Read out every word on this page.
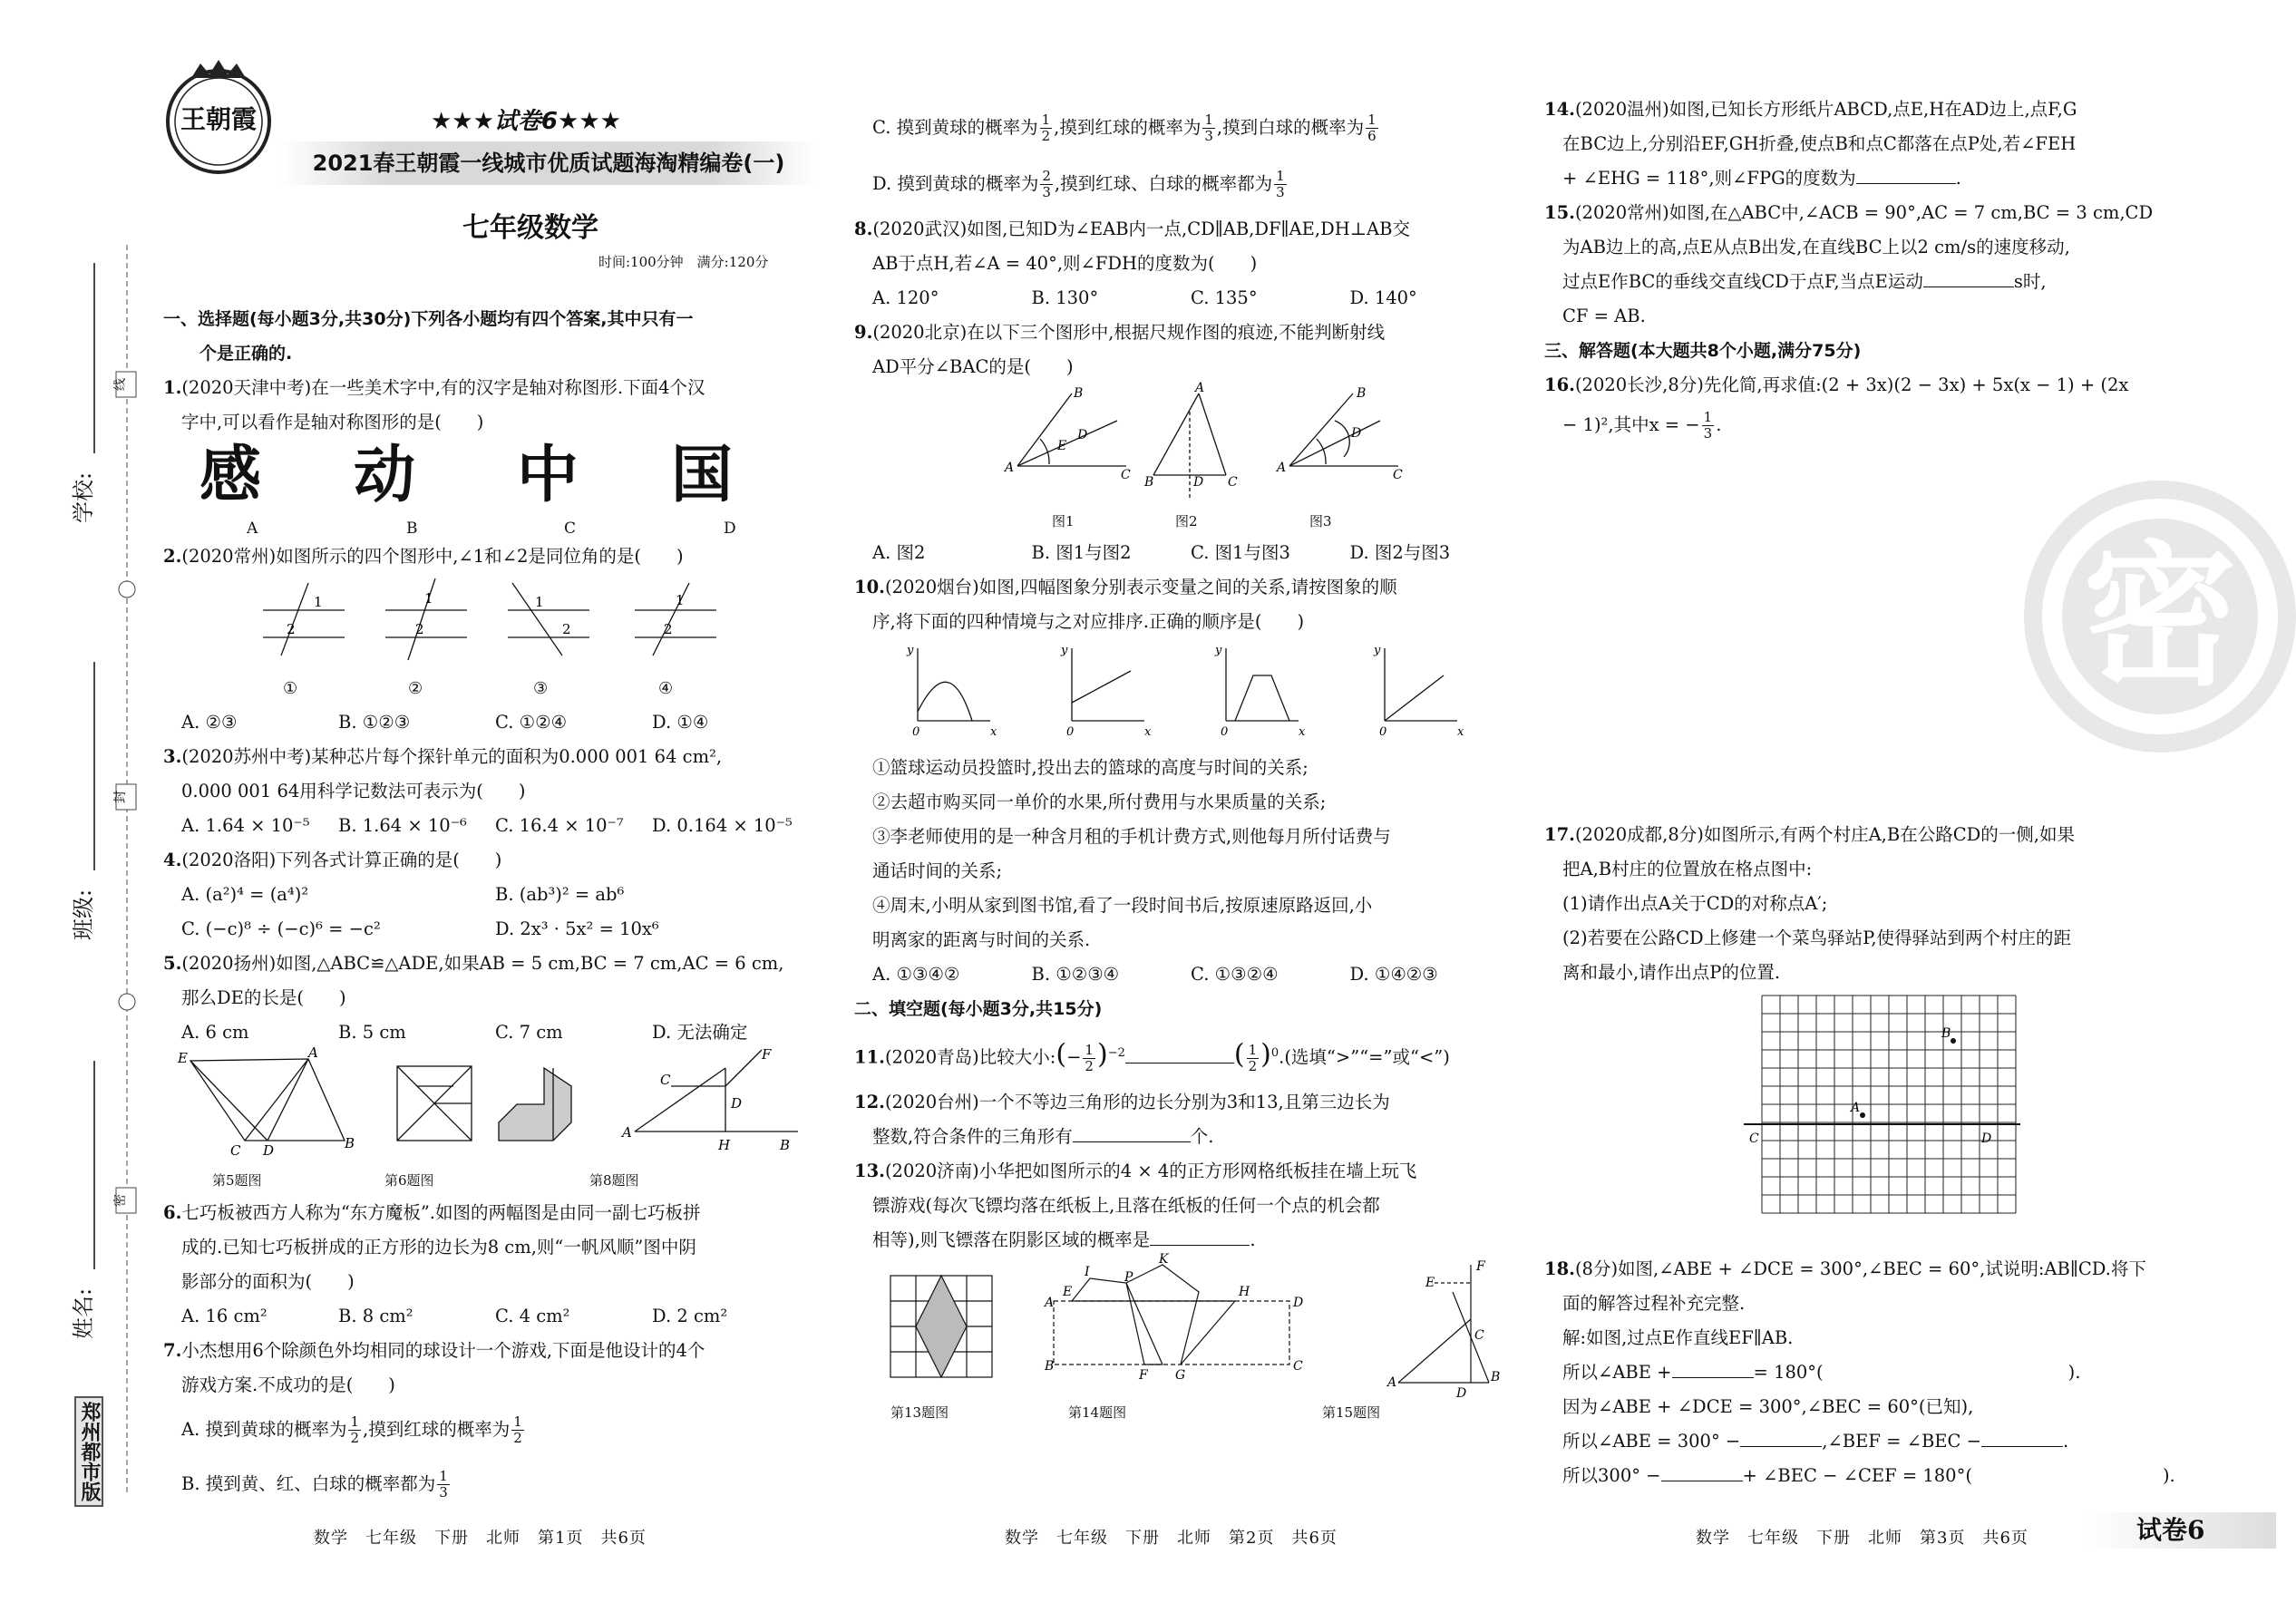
线
封
密
学校:
班级:
姓名:
郑州都市版
王朝霞	★★★试卷6★★★
2021春王朝霞一线城市优质试题海淘精编卷(一)
七年级数学
时间:100分钟　满分:120分
一、选择题(每小题3分,共30分)下列各小题均有四个答案,其中只有一
个是正确的.
1.(2020天津中考)在一些美术字中,有的汉字是轴对称图形.下面4个汉
字中,可以看作是轴对称图形的是(　　)
感	动	中	国
A	B	C	D
2.(2020常州)如图所示的四个图形中,∠1和∠2是同位角的是(　　)
1
2
1
2
1
2
1
2
①	②	③	④
A. ②③	B. ①②③	C. ①②④	D. ①④
3.(2020苏州中考)某种芯片每个探针单元的面积为0.000 001 64 cm²,
0.000 001 64用科学记数法可表示为(　　)
A. 1.64 × 10⁻⁵	B. 1.64 × 10⁻⁶	C. 16.4 × 10⁻⁷	D. 0.164 × 10⁻⁵
4.(2020洛阳)下列各式计算正确的是(　　)
A. (a²)⁴ = (a⁴)²	B. (ab³)² = ab⁶
C. (−c)⁸ ÷ (−c)⁶ = −c²	D. 2x³ · 5x² = 10x⁶
5.(2020扬州)如图,△ABC≌△ADE,如果AB = 5 cm,BC = 7 cm,AC = 6 cm,
那么DE的长是(　　)
A. 6 cm	B. 5 cm	C. 7 cm	D. 无法确定
E	A
C D	B
A
C
D
H	B
F
第5题图	第6题图	第8题图
6.七巧板被西方人称为“东方魔板”.如图的两幅图是由同一副七巧板拼
成的.已知七巧板拼成的正方形的边长为8 cm,则“一帆风顺”图中阴
影部分的面积为(　　)
A. 16 cm²	B. 8 cm²	C. 4 cm²	D. 2 cm²
7.小杰想用6个除颜色外均相同的球设计一个游戏,下面是他设计的4个
游戏方案.不成功的是(　　)
A. 摸到黄球的概率为 $\frac{1}{2}$ ,摸到红球的概率为 $\frac{1}{2}$
B. 摸到黄、红、白球的概率都为 $\frac{1}{3}$
C. 摸到黄球的概率为 $\frac{1}{2}$ ,摸到红球的概率为 $\frac{1}{3}$ ,摸到白球的概率为 $\frac{1}{6}$
D. 摸到黄球的概率为 $\frac{2}{3}$ ,摸到红球、白球的概率都为 $\frac{1}{3}$
8.(2020武汉)如图,已知D为∠EAB内一点,CD∥AB,DF∥AE,DH⊥AB交
AB于点H,若∠A = 40°,则∠FDH的度数为(　　)
A. 120°	B. 130°	C. 135°	D. 140°
9.(2020北京)在以下三个图形中,根据尺规作图的痕迹,不能判断射线
AD平分∠BAC的是(　　)
A
B
C
D
E
A
B	D C
A
B
C
D
图1	图2	图3
A. 图2	B. 图1与图2	C. 图1与图3	D. 图2与图3
10.(2020烟台)如图,四幅图象分别表示变量之间的关系,请按图象的顺
序,将下面的四种情境与之对应排序.正确的顺序是(　　)
y
0	x
y
0	x
y
0	x
y
0	x
①篮球运动员投篮时,投出去的篮球的高度与时间的关系;
②去超市购买同一单价的水果,所付费用与水果质量的关系;
③李老师使用的是一种含月租的手机计费方式,则他每月所付话费与
通话时间的关系;
④周末,小明从家到图书馆,看了一段时间书后,按原速原路返回,小
明离家的距离与时间的关系.
A. ①③④②	B. ①②③④	C. ①③②④	D. ①④②③
二、填空题(每小题3分,共15分)
11.(2020青岛)比较大小:(− $\frac{1}{2} )^{-2}$	( $\frac{1}{2} )^0$.(选填“>”“=”或“<”)
12.(2020台州)一个不等边三角形的边长分别为3和13,且第三边长为
整数,符合条件的三角形有	个.
13.(2020济南)小华把如图所示的4 × 4的正方形网格纸板挂在墙上玩飞
镖游戏(每次飞镖均落在纸板上,且落在纸板的任何一个点的机会都
相等),则飞镖落在阴影区域的概率是	.
A
B
D
C
E	H
F G
I	P
K
A
D
B
C
F
E
第13题图	第14题图	第15题图
14.(2020温州)如图,已知长方形纸片ABCD,点E,H在AD边上,点F,G
在BC边上,分别沿EF,GH折叠,使点B和点C都落在点P处,若∠FEH
+ ∠EHG = 118°,则∠FPG的度数为	.
15.(2020常州)如图,在△ABC中,∠ACB = 90°,AC = 7 cm,BC = 3 cm,CD
为AB边上的高,点E从点B出发,在直线BC上以2 cm/s的速度移动,
过点E作BC的垂线交直线CD于点F,当点E运动	s时,
CF = AB.
三、解答题(本大题共8个小题,满分75分)
16.(2020长沙,8分)先化简,再求值:(2 + 3x)(2 − 3x) + 5x(x − 1) + (2x
− 1)²,其中x = − $\frac{1}{3}$ .
17.(2020成都,8分)如图所示,有两个村庄A,B在公路CD的一侧,如果
把A,B村庄的位置放在格点图中:
(1)请作出点A关于CD的对称点A′;
(2)若要在公路CD上修建一个菜鸟驿站P,使得驿站到两个村庄的距
离和最小,请作出点P的位置.
A
B
C	D
18.(8分)如图,∠ABE + ∠DCE = 300°,∠BEC = 60°,试说明:AB∥CD.将下
面的解答过程补充完整.
解:如图,过点E作直线EF∥AB.
所以∠ABE +	= 180°(	).
因为∠ABE + ∠DCE = 300°,∠BEC = 60°(已知),
所以∠ABE = 300° −	,∠BEF = ∠BEC −	.
所以300° −	+ ∠BEC − ∠CEF = 180°(	).
密
数学　七年级　下册　北师　第1页　共6页	数学　七年级　下册　北师　第2页　共6页	数学　七年级　下册　北师　第3页　共6页	试卷6
